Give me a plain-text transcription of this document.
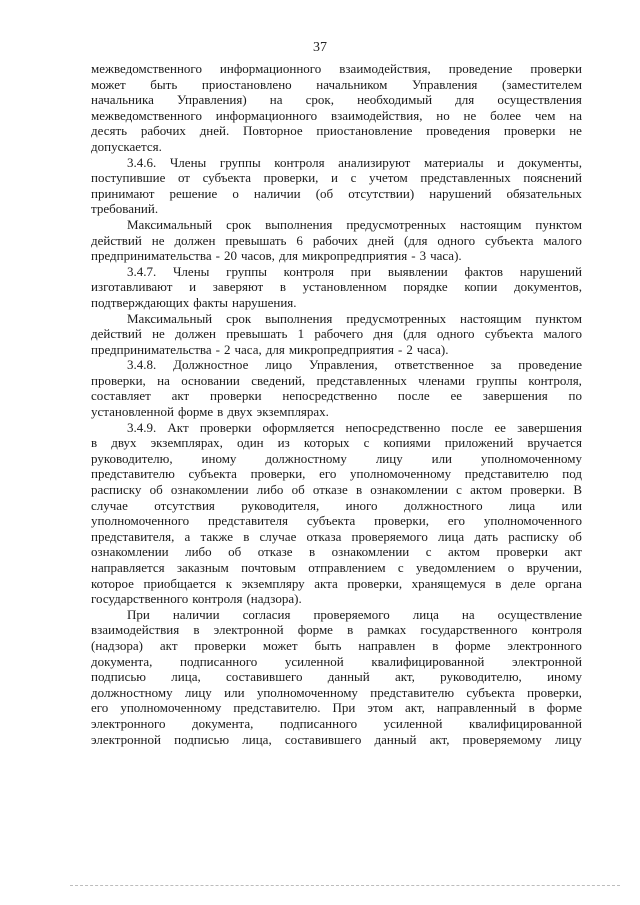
37
межведомственного информационного взаимодействия, проведение проверки
может быть приостановлено начальником Управления (заместителем
начальника Управления) на срок, необходимый для осуществления
межведомственного информационного взаимодействия, но не более чем на
десять рабочих дней. Повторное приостановление проведения проверки не
допускается.
3.4.6. Члены группы контроля анализируют материалы и документы,
поступившие от субъекта проверки, и с учетом представленных пояснений
принимают решение о наличии (об отсутствии) нарушений обязательных
требований.
Максимальный срок выполнения предусмотренных настоящим пунктом
действий не должен превышать 6 рабочих дней (для одного субъекта малого
предпринимательства - 20 часов, для микропредприятия - 3 часа).
3.4.7. Члены группы контроля при выявлении фактов нарушений
изготавливают и заверяют в установленном порядке копии документов,
подтверждающих факты нарушения.
Максимальный срок выполнения предусмотренных настоящим пунктом
действий не должен превышать 1 рабочего дня (для одного субъекта малого
предпринимательства - 2 часа, для микропредприятия - 2 часа).
3.4.8. Должностное лицо Управления, ответственное за проведение
проверки, на основании сведений, представленных членами группы контроля,
составляет акт проверки непосредственно после ее завершения по
установленной форме в двух экземплярах.
3.4.9. Акт проверки оформляется непосредственно после ее завершения
в двух экземплярах, один из которых с копиями приложений вручается
руководителю, иному должностному лицу или уполномоченному
представителю субъекта проверки, его уполномоченному представителю под
расписку об ознакомлении либо об отказе в ознакомлении с актом проверки. В
случае отсутствия руководителя, иного должностного лица или
уполномоченного представителя субъекта проверки, его уполномоченного
представителя, а также в случае отказа проверяемого лица дать расписку об
ознакомлении либо об отказе в ознакомлении с актом проверки акт
направляется заказным почтовым отправлением с уведомлением о вручении,
которое приобщается к экземпляру акта проверки, хранящемуся в деле органа
государственного контроля (надзора).
При наличии согласия проверяемого лица на осуществление
взаимодействия в электронной форме в рамках государственного контроля
(надзора) акт проверки может быть направлен в форме электронного
документа, подписанного усиленной квалифицированной электронной
подписью лица, составившего данный акт, руководителю, иному
должностному лицу или уполномоченному представителю субъекта проверки,
его уполномоченному представителю. При этом акт, направленный в форме
электронного документа, подписанного усиленной квалифицированной
электронной подписью лица, составившего данный акт, проверяемому лицу
